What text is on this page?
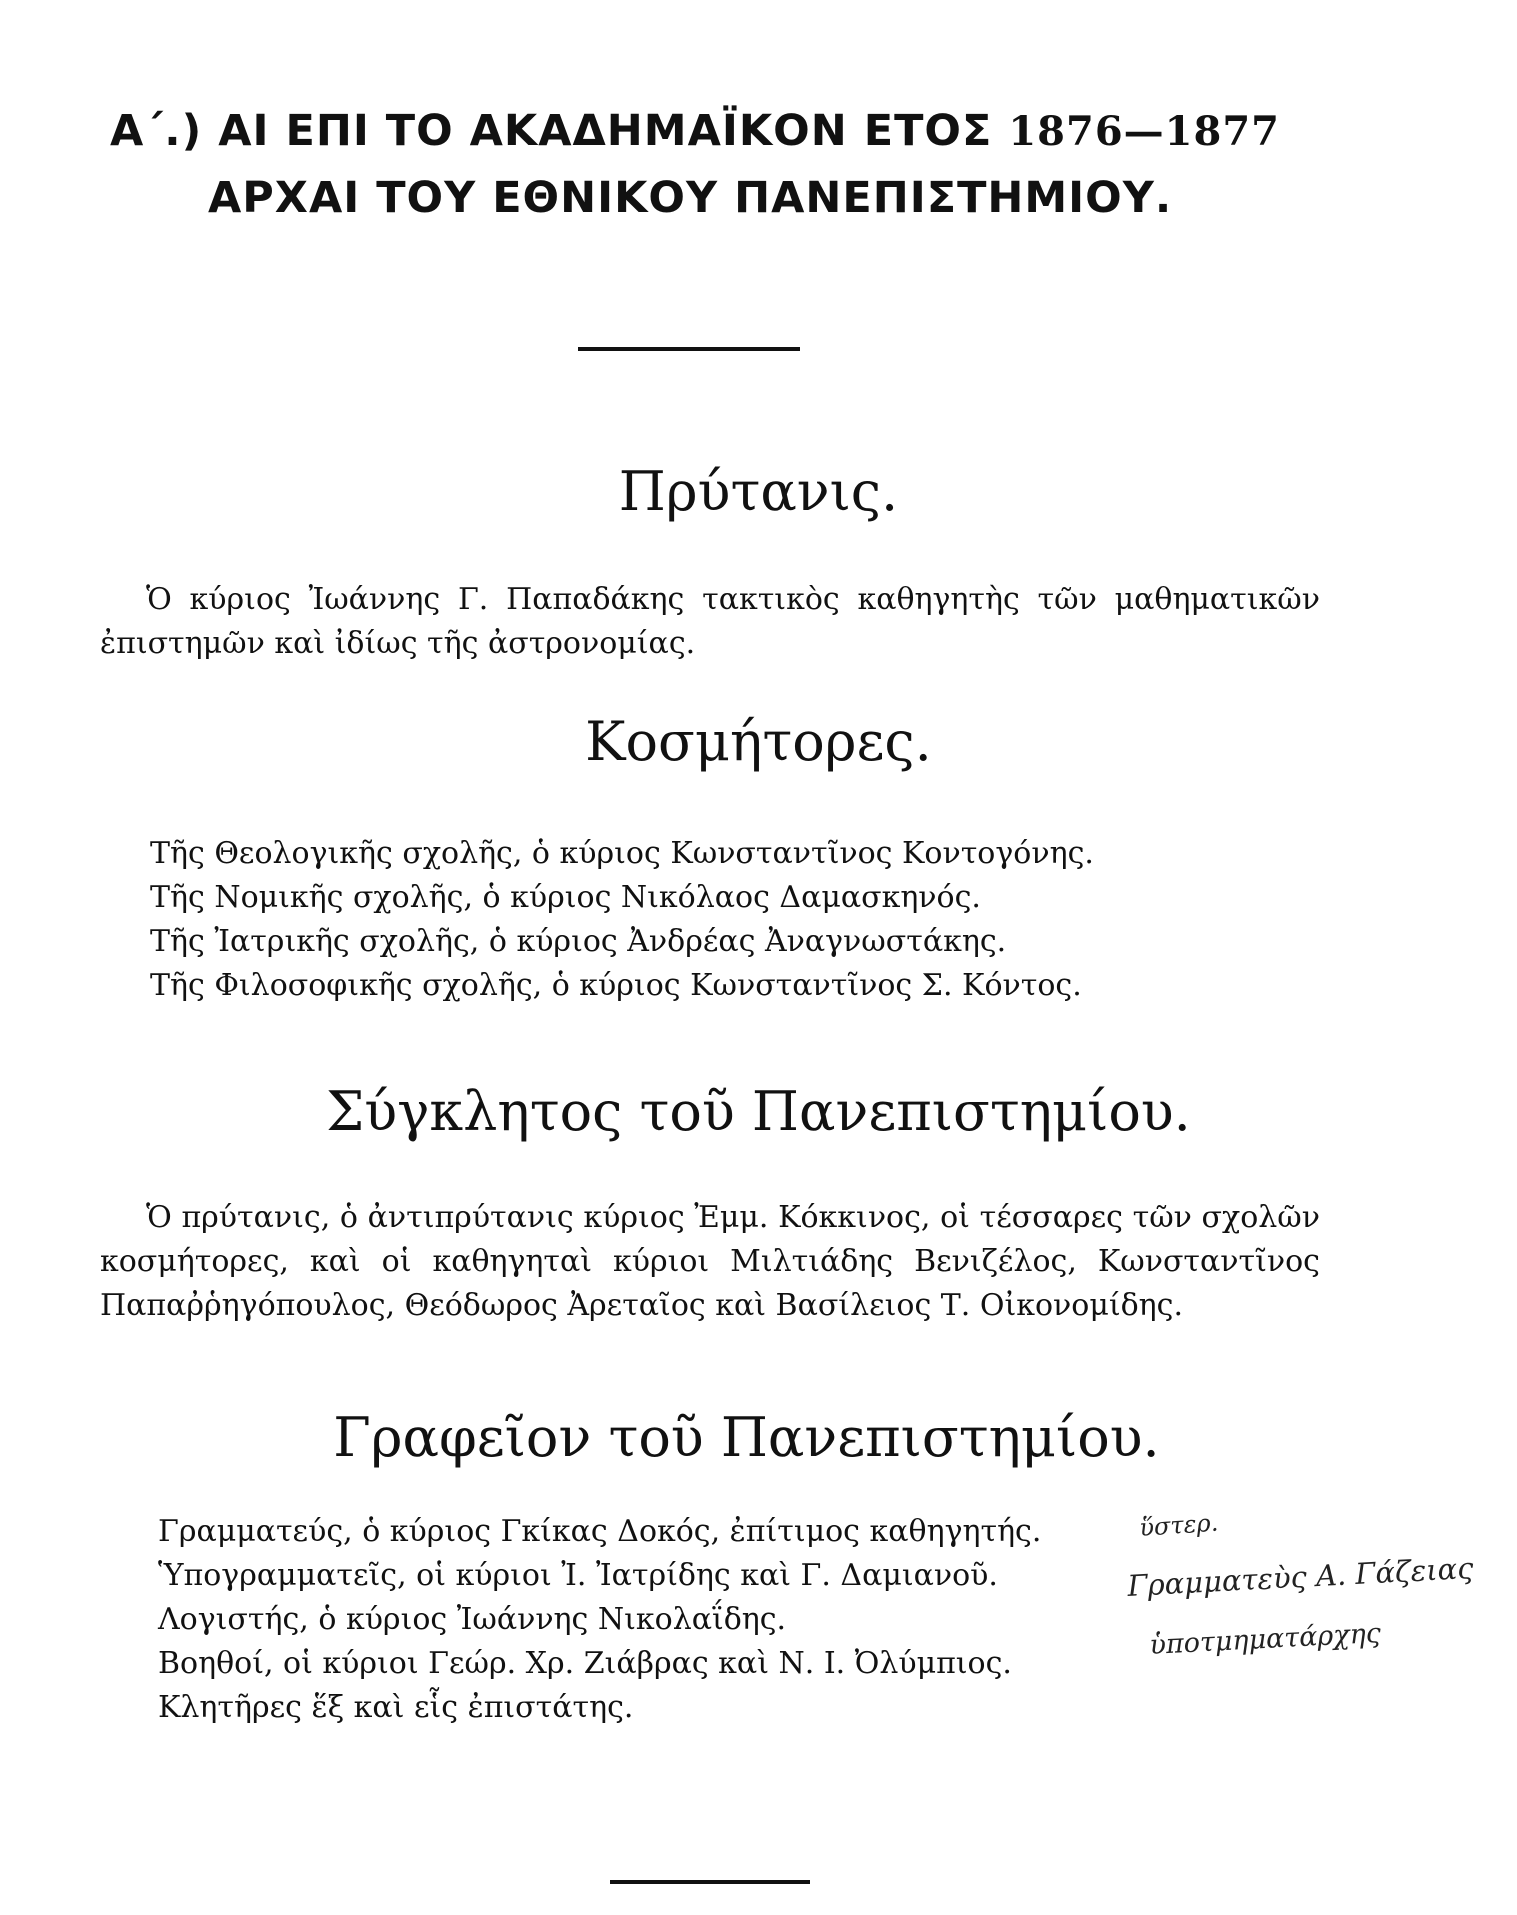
Α΄.) ΑΙ ΕΠΙ ΤΟ ΑΚΑΔΗΜΑΪΚΟΝ ΕΤΟΣ 1876—1877
ΑΡΧΑΙ ΤΟΥ ΕΘΝΙΚΟΥ ΠΑΝΕΠΙΣΤΗΜΙΟΥ.
Πρύτανις.
Ὁ κύριος Ἰωάννης Γ. Παπαδάκης τακτικὸς καθηγητὴς τῶν μαθηματικῶν ἐπιστημῶν καὶ ἰδίως τῆς ἀστρονομίας.
Κοσμήτορες.
Τῆς Θεολογικῆς σχολῆς, ὁ κύριος Κωνσταντῖνος Κοντογόνης.
Τῆς Νομικῆς σχολῆς, ὁ κύριος Νικόλαος Δαμασκηνός.
Τῆς Ἰατρικῆς σχολῆς, ὁ κύριος Ἀνδρέας Ἀναγνωστάκης.
Τῆς Φιλοσοφικῆς σχολῆς, ὁ κύριος Κωνσταντῖνος Σ. Κόντος.
Σύγκλητος τοῦ Πανεπιστημίου.
Ὁ πρύτανις, ὁ ἀντιπρύτανις κύριος Ἐμμ. Κόκκινος, οἱ τέσσαρες τῶν σχολῶν κοσμήτορες, καὶ οἱ καθηγηταὶ κύριοι Μιλτιάδης Βενιζέλος, Κωνσταντῖνος Παπαῤῥηγόπουλος, Θεόδωρος Ἀρεταῖος καὶ Βασίλειος Τ. Οἰκονομίδης.
Γραφεῖον τοῦ Πανεπιστημίου.
Γραμματεύς, ὁ κύριος Γκίκας Δοκός, ἐπίτιμος καθηγητής.
Ὑπογραμματεῖς, οἱ κύριοι Ἰ. Ἰατρίδης καὶ Γ. Δαμιανοῦ.
Λογιστής, ὁ κύριος Ἰωάννης Νικολαΐδης.
Βοηθοί, οἱ κύριοι Γεώρ. Χρ. Ζιάβρας καὶ Ν. Ι. Ὀλύμπιος.
Κλητῆρες ἕξ καὶ εἷς ἐπιστάτης.
ὕστερ.
Γραμματεὺς Α. Γάζειας
ὑποτμηματάρχης
